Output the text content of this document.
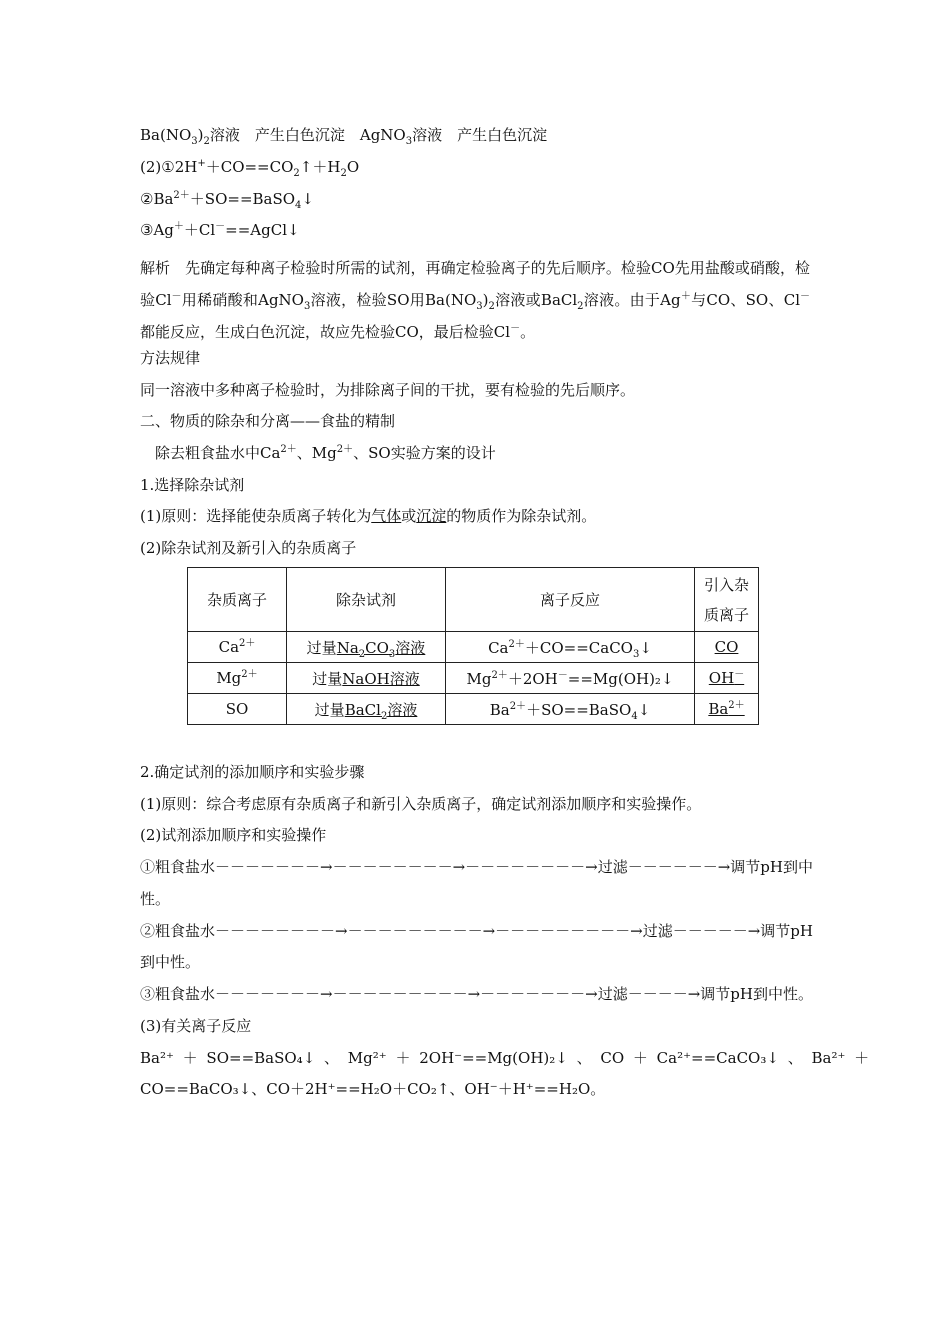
$Ba(NO_3)_2$溶液　产生白色沉淀　AgNO$_3$溶液　产生白色沉淀
$(2)①2H^++CO==CO_2↑+H_2O$
$②Ba^{2+}+SO==BaSO_4↓$
③Ag＋＋Cl－==AgCl↓
解析　先确定每种离子检验时所需的试剂，再确定检验离子的先后顺序。检验CO先用盐酸或硝酸，检验Cl－用稀硝酸和AgNO$_3$溶液，检验SO用$Ba(NO_3)_2$溶液或BaCl$_2$溶液。由于Ag＋与CO、SO、Cl－都能反应，生成白色沉淀，故应先检验CO，最后检验Cl－。
方法规律
同一溶液中多种离子检验时，为排除离子间的干扰，要有检验的先后顺序。
二、物质的除杂和分离——食盐的精制
除去粗食盐水中$Ca^{2+}$、$Mg^{2+}$、SO实验方案的设计
1.选择除杂试剂
(1)原则：选择能使杂质离子转化为气体或沉淀的物质作为除杂试剂。
(2)除杂试剂及新引入的杂质离子
杂质离子	除杂试剂	离子反应	引入杂质离子
$Ca^{2+}$	过量$Na_2CO_3$溶液	$Ca^{2+}+CO==CaCO_3↓$	CO
$Mg^{2+}$	过量NaOH溶液	$Mg^{2+}+2OH^-==Mg(OH)_2↓$	OH－
SO	过量BaCl$_2$溶液	$Ba^{2+}+SO==BaSO_4↓$	$Ba^{2+}$
2.确定试剂的添加顺序和实验步骤
(1)原则：综合考虑原有杂质离子和新引入杂质离子，确定试剂添加顺序和实验操作。
(2)试剂添加顺序和实验操作
①粗食盐水－－－－－－－→－－－－－－－－→－－－－－－－－→过滤－－－－－－→调节pH到中
性。
②粗食盐水－－－－－－－－→－－－－－－－－－→－－－－－－－－－→过滤－－－－－→调节pH
到中性。
③粗食盐水－－－－－－－→－－－－－－－－－→－－－－－－－→过滤－－－－→调节pH到中性。
(3)有关离子反应
Ba²⁺ ＋ SO==BaSO₄↓ 、 Mg²⁺ ＋ 2OH⁻==Mg(OH)₂↓ 、 CO ＋ Ca²⁺==CaCO₃↓ 、 Ba²⁺ ＋
CO==BaCO₃↓、CO＋2H⁺==H₂O＋CO₂↑、OH⁻＋H⁺==H₂O。
